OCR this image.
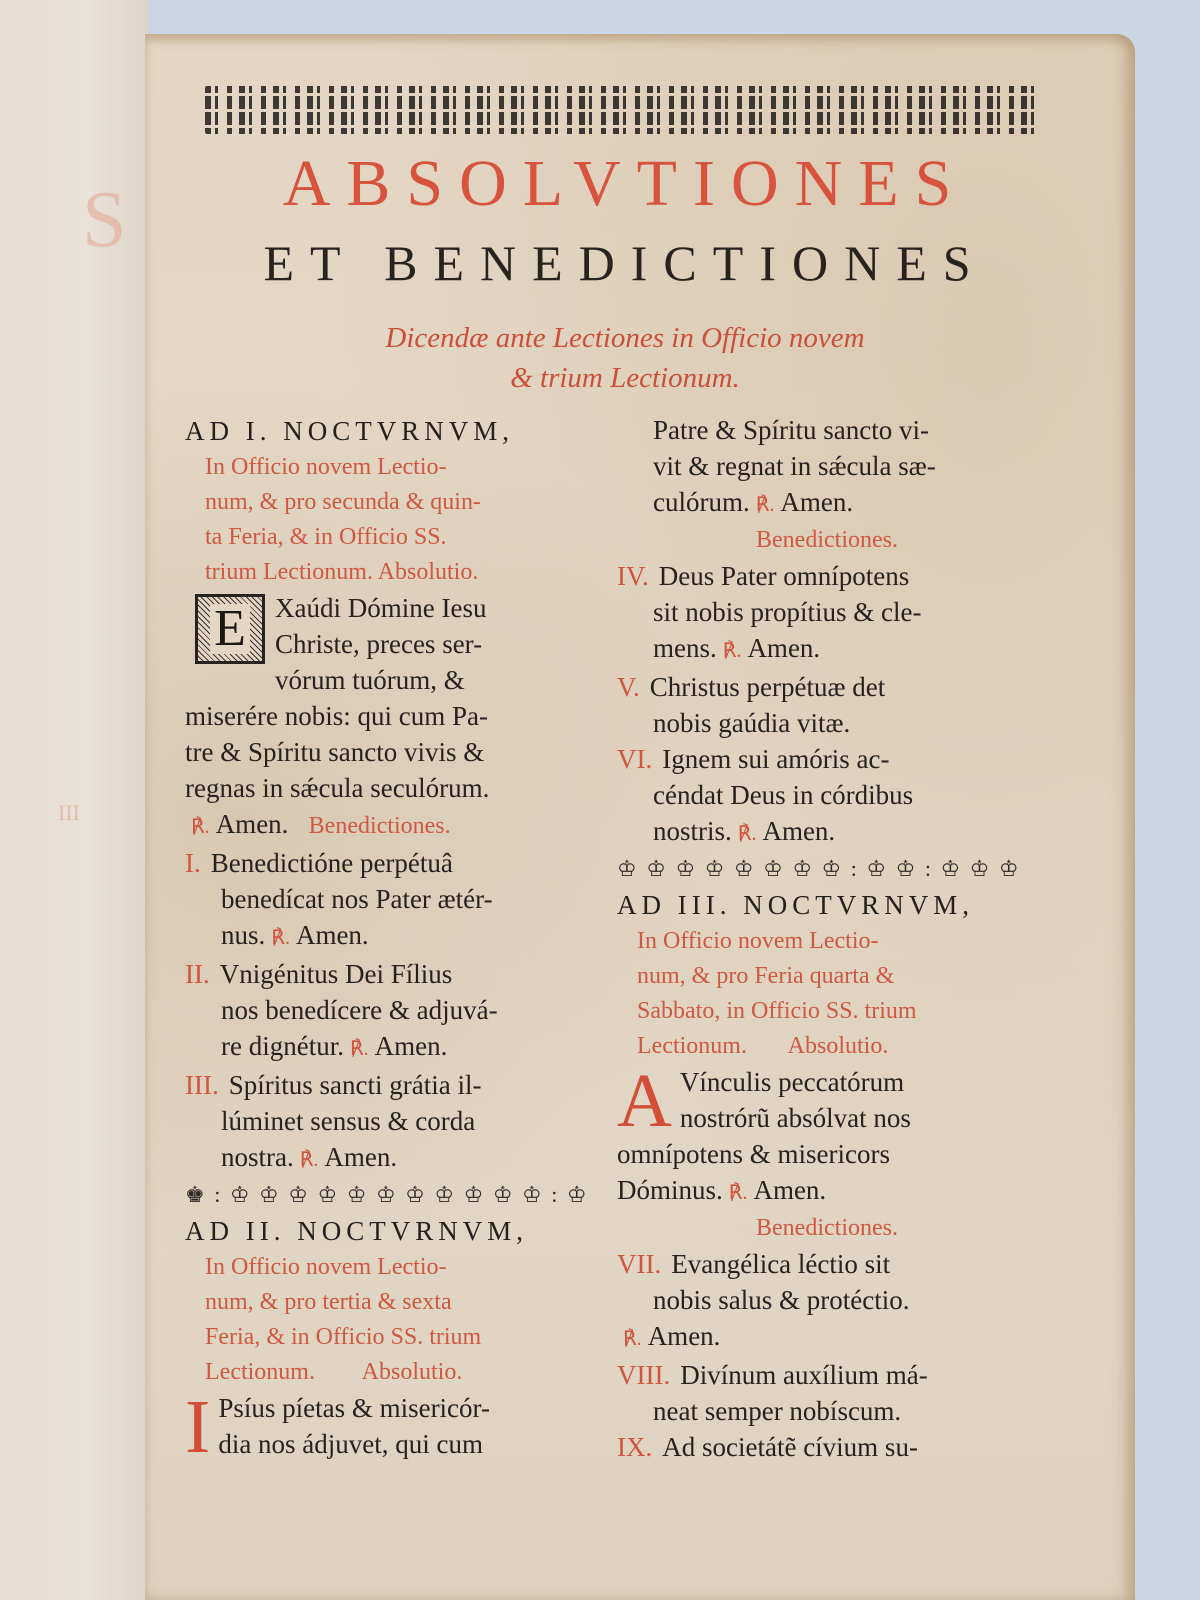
S
III
ABSOLVTIONES
ET BENEDICTIONES
Dicendæ ante Lectiones in Officio novem
& trium Lectionum.
AD I. NOCTVRNVM,
In Officio novem Lectio-
num, & pro secunda & quin-
ta Feria, & in Officio SS.
trium Lectionum. Absolutio.
E	Xaúdi Dómine Iesu
Christe, preces ser-
vórum tuórum, &
miserére nobis: qui cum Pa-
tre & Spíritu sancto vivis &
regnas in sǽcula seculórum.
℟. Amen. Benedictiones.
I. Benedictióne perpétuâ
benedícat nos Pater ætér-
nus. ℟. Amen.
II. Vnigénitus Dei Fílius
nos benedícere & adjuvá-
re dignétur. ℟. Amen.
III. Spíritus sancti grátia il-
lúminet sensus & corda
nostra. ℟. Amen.
♚ : ♔ ♔ ♔ ♔ ♔ ♔ ♔ ♔ ♔ ♔ ♔ : ♔
AD II. NOCTVRNVM,
In Officio novem Lectio-
num, & pro tertia & sexta
Feria, & in Officio SS. trium
Lectionum.        Absolutio.
I Psíus píetas & misericór-
dia nos ádjuvet, qui cum
Patre & Spíritu sancto vi-
vit & regnat in sǽcula sæ-
culórum. ℟. Amen.
Benedictiones.
IV. Deus Pater omnípotens
sit nobis propítius & cle-
mens. ℟. Amen.
V. Christus perpétuæ det
nobis gaúdia vitæ.
VI. Ignem sui amóris ac-
céndat Deus in córdibus
nostris. ℟. Amen.
♔ ♔ ♔ ♔ ♔ ♔ ♔ ♔ : ♔ ♔ : ♔ ♔ ♔
AD III. NOCTVRNVM,
In Officio novem Lectio-
num, & pro Feria quarta &
Sabbato, in Officio SS. trium
Lectionum.       Absolutio.
A Vínculis peccatórum
nostrórũ absólvat nos
omnípotens & misericors
Dóminus. ℟. Amen.
Benedictiones.
VII. Evangélica léctio sit
nobis salus & protéctio.
℟. Amen.
VIII. Divínum auxílium má-
neat semper nobíscum.
IX. Ad societátẽ cívium su-
